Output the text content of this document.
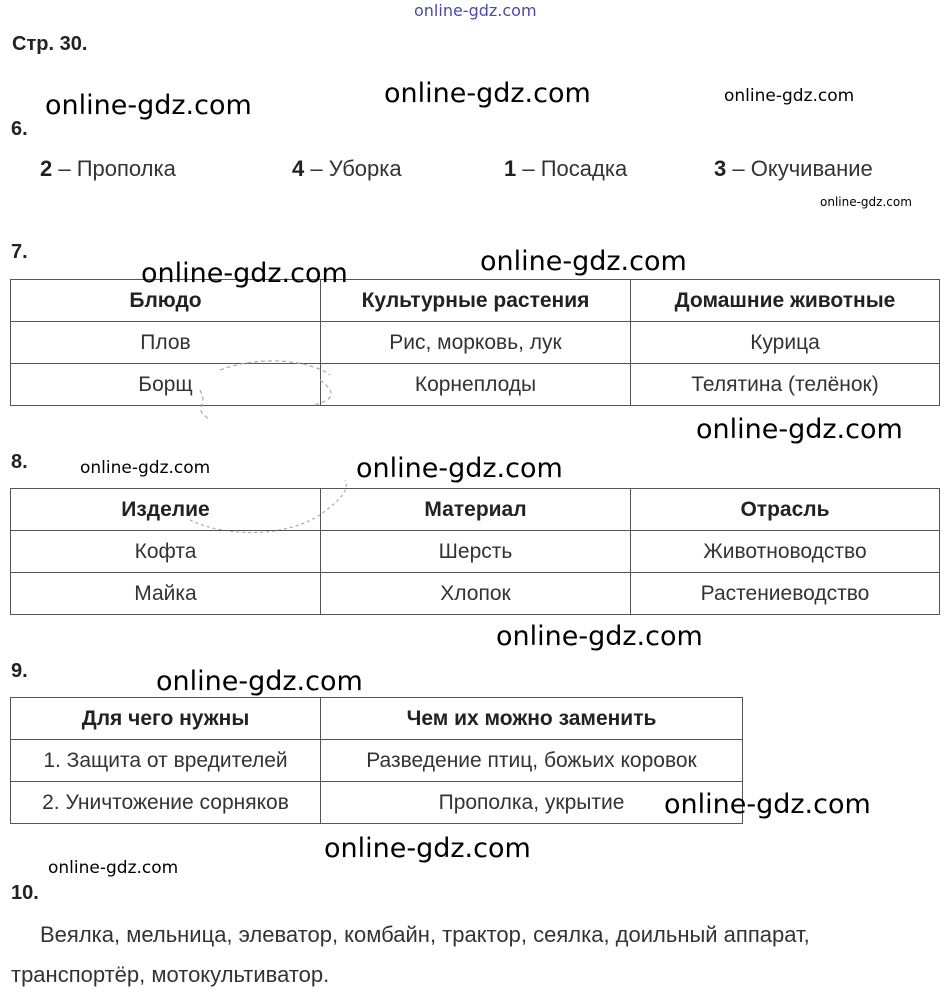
online-gdz.com
Стр. 30.
online-gdz.com	online-gdz.com	online-gdz.com
6.
2 – Прополка	4 – Уборка	1 – Посадка	3 – Окучивание
online-gdz.com
7.
Блюдо	Культурные растения	Домашние животные
Плов	Рис, морковь, лук	Курица
Борщ	Корнеплоды	Телятина (телёнок)
online-gdz.com	online-gdz.com
online-gdz.com
8.	online-gdz.com	online-gdz.com
Изделие	Материал	Отрасль
Кофта	Шерсть	Животноводство
Майка	Хлопок	Растениеводство
online-gdz.com
9.	online-gdz.com
Для чего нужны	Чем их можно заменить
1. Защита от вредителей	Разведение птиц, божьих коровок
2. Уничтожение сорняков	Прополка, укрытие online-gdz.com
online-gdz.com
online-gdz.com
10.
Веялка, мельница, элеватор, комбайн, трактор, сеялка, доильный аппарат,
транспортёр, мотокультиватор.
